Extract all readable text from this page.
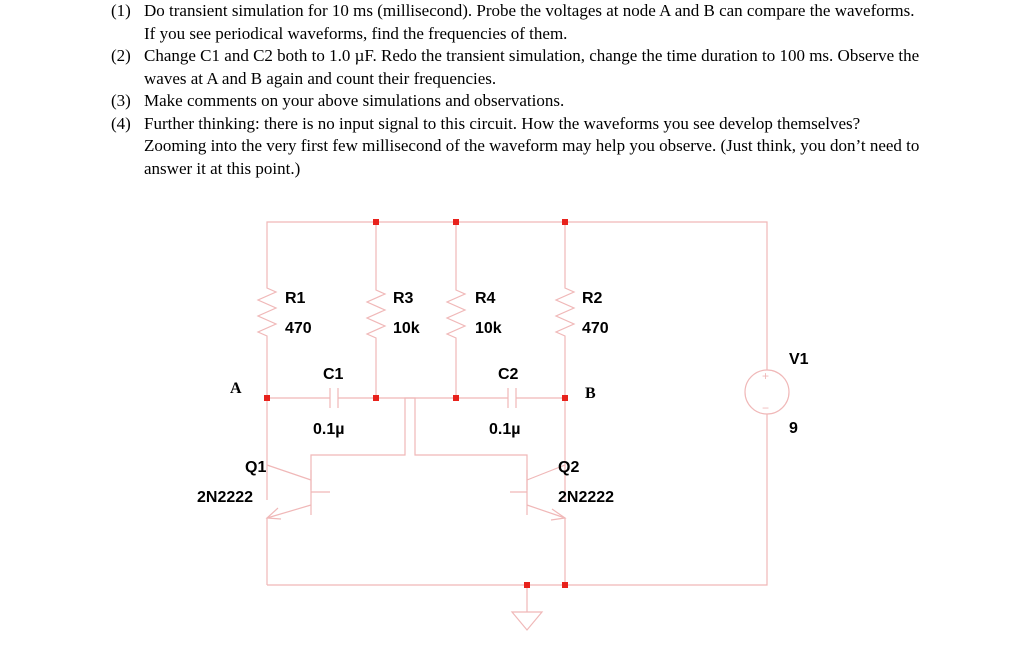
(1) Do transient simulation for 10 ms (millisecond). Probe the voltages at node A and B can compare the waveforms. If you see periodical waveforms, find the frequencies of them.
(2) Change C1 and C2 both to 1.0 µF. Redo the transient simulation, change the time duration to 100 ms. Observe the waves at A and B again and count their frequencies.
(3) Make comments on your above simulations and observations.
(4) Further thinking: there is no input signal to this circuit. How the waveforms you see develop themselves? Zooming into the very first few millisecond of the waveform may help you observe. (Just think, you don’t need to answer it at this point.)
+
−
R1
470
R3
10k
R4
10k
R2
470
C1
0.1µ
C2
0.1µ
Q1
2N2222
Q2
2N2222
V1
9
A	B
